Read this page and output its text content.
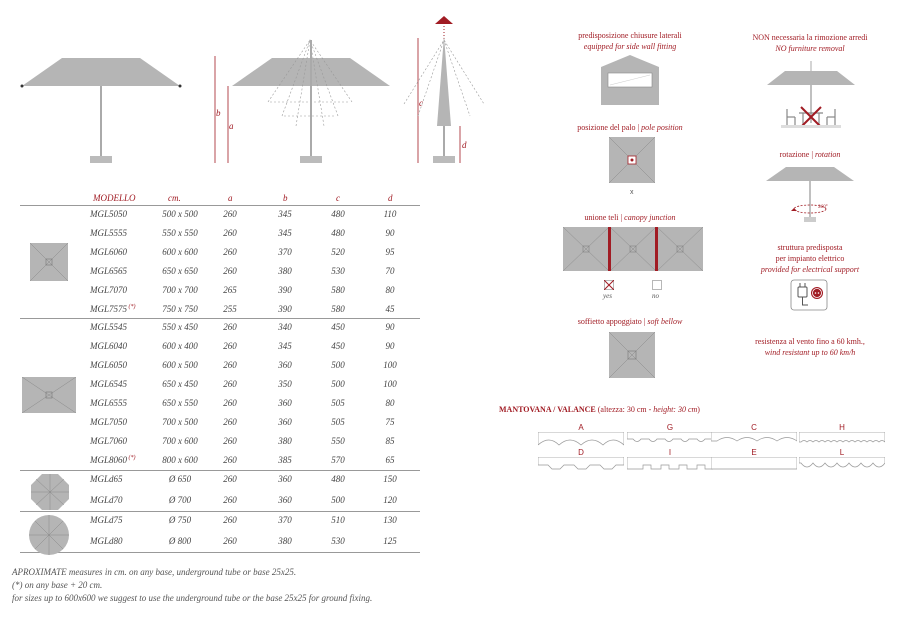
b
a
c
d
MODELLO	cm.	a	b	c	d
MGL5050	500 x 500	260	345	480	110
MGL5555	550 x 550	260	345	480	90
MGL6060	600 x 600	260	370	520	95
MGL6565	650 x 650	260	380	530	70
MGL7070	700 x 700	265	390	580	80
MGL7575 (*)	750 x 750	255	390	580	45
MGL5545	550 x 450	260	340	450	90
MGL6040	600 x 400	260	345	450	90
MGL6050	600 x 500	260	360	500	100
MGL6545	650 x 450	260	350	500	100
MGL6555	650 x 550	260	360	505	80
MGL7050	700 x 500	260	360	505	75
MGL7060	700 x 600	260	380	550	85
MGL8060 (*)	800 x 600	260	385	570	65
MGLd65	Ø 650	260	360	480	150
MGLd70	Ø 700	260	360	500	120
MGLd75	Ø 750	260	370	510	130
MGLd80	Ø 800	260	380	530	125
APROXIMATE measures in cm. on any base, underground tube or base 25x25.
(*) on any base + 20 cm.
for sizes up to 600x600 we suggest to use the underground tube or the base 25x25 for ground fixing.
predisposizione chiusure laterali
equipped for side wall fitting
posizione del palo | pole position
x
unione teli | canopy junction
yes	no
soffietto appoggiato | soft bellow
NON necessaria la rimozione arredi
NO furniture removal
rotazione | rotation
360°
struttura predisposta
per impianto elettrico
provided for electrical support
resistenza al vento fino a 60 kmh.,
wind resistant up to 60 km/h
MANTOVANA / VALANCE (altezza: 30 cm - height: 30 cm)
A	G	C	H
D	I	E	L
